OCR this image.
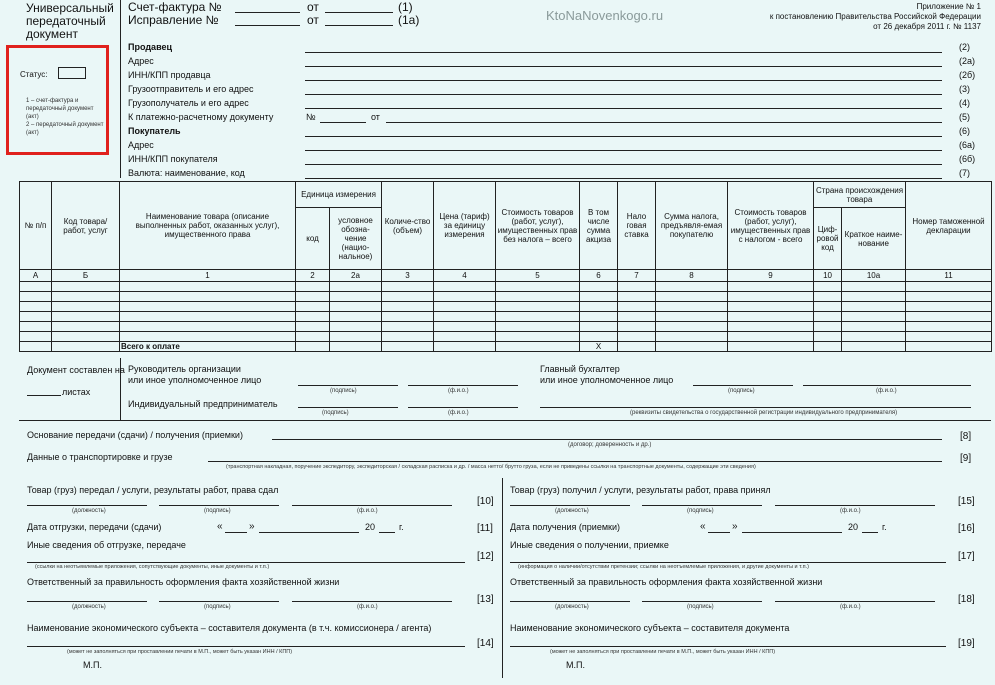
Универсальный передаточный документ
Статус:
1 – счет-фактура и передаточный документ (акт)
2 – передаточный документ (акт)
Счет-фактура №	от	(1)
Исправление №	от	(1а)	KtoNaNovenkogo.ru
Приложение № 1
к постановлению Правительства Российской Федерации
от 26 декабря 2011 г. № 1137
Продавец	(2)
Адрес	(2а)
ИНН/КПП продавца	(2б)
Грузоотправитель и его адрес	(3)
Грузополучатель и его адрес	(4)
К платежно-расчетному документу	№	от	(5)
Покупатель	(6)
Адрес	(6а)
ИНН/КПП покупателя	(6б)
Валюта: наименование, код	(7)
№ п/п	Код товара/ работ, услуг	Наименование товара (описание выполненных работ, оказанных услуг), имущественного права	Единица измерения		Количе-ство (объем)	Цена (тариф) за единицу измерения	Стоимость товаров (работ, услуг), имущественных прав без налога – всего	В том числе сумма акциза	Нало говая ставка	Сумма налога, предъявля-емая покупателю	Стоимость товаров (работ, услуг), имущественных прав с налогом - всего	Страна происхождения товара		Номер таможенной декларации
			код	условное обозна-чение (нацио-нальное)								Циф-ровой код	Краткое наиме-нование	
А	Б	1	2	2а	3	4	5	6	7	8	9	10	10а	11

		Всего к оплате						X						
Документ составлен на
листах
Руководитель организации
или иное уполномоченное лицо
(подпись)	(ф.и.о.)
Главный бухгалтер
или иное уполномоченное лицо
(подпись)	(ф.и.о.)
Индивидуальный предприниматель
(подпись)	(ф.и.о.)	(реквизиты свидетельства о государственной регистрации индивидуального предпринимателя)
Основание передачи (сдачи) / получения (приемки)	[8]
(договор; доверенность и др.)
Данные о транспортировке и грузе	[9]
(транспортная накладная, поручение экспедитору, экспедиторская / складская расписка и др. / масса нетто/ брутто груза, если не приведены ссылки на транспортные документы, содержащие эти сведения)
Товар (груз) передал / услуги, результаты работ, права сдал
[10]
(должность)	(подпись)	(ф.и.о.)
Дата отгрузки, передачи (сдачи)	«	»	20	г.	[11]
Иные сведения об отгрузке, передаче
(ссылки на неотъемлемые приложения, сопутствующие документы, иные документы и т.п.)
[12]
Ответственный за правильность оформления факта хозяйственной жизни
(должность)	(подпись)	(ф.и.о.)
[13]
Наименование экономического субъекта – составителя документа (в т.ч. комиссионера / агента)
[14]
(может не заполняться при проставлении печати в М.П., может быть указан ИНН / КПП)
М.П.
Товар (груз) получил / услуги, результаты работ, права принял
[15]
(должность)	(подпись)	(ф.и.о.)
Дата получения (приемки)	«	»	20	г.	[16]
Иные сведения о получении, приемке
(информация о наличии/отсутствии претензии; ссылки на неотъемлемые приложения, и другие документы и т.п.)
[17]
Ответственный за правильность оформления факта хозяйственной жизни
(должность)	(подпись)	(ф.и.о.)
[18]
Наименование экономического субъекта – составителя документа
[19]
(может не заполняться при проставлении печати в М.П., может быть указан ИНН / КПП)
М.П.
